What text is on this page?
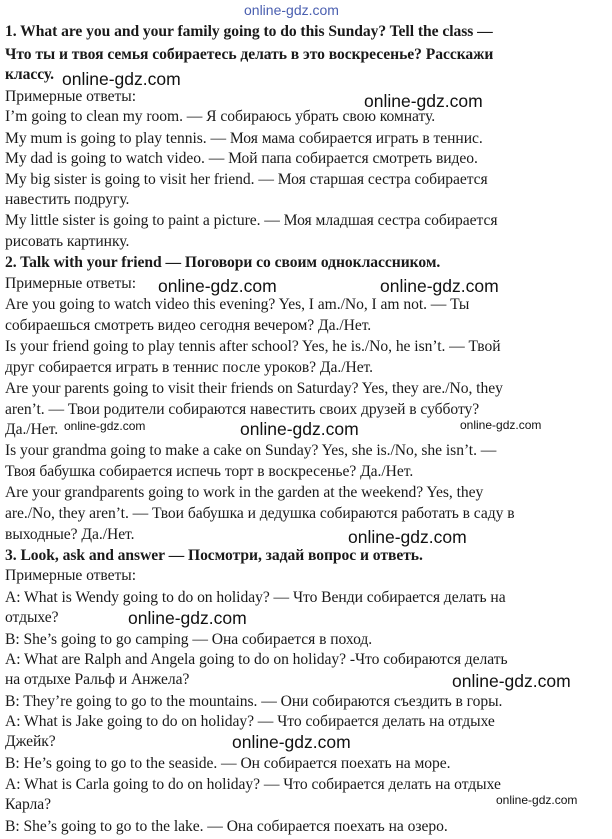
1. What are you and your family going to do this Sunday? Tell the class —
Что ты и твоя семья собираетесь делать в это воскресенье? Расскажи
классу.
Примерные ответы:
I’m going to clean my room. — Я собираюсь убрать свою комнату.
My mum is going to play tennis. — Моя мама собирается играть в теннис.
My dad is going to watch video. — Мой папа собирается смотреть видео.
My big sister is going to visit her friend. — Моя старшая сестра собирается
навестить подругу.
My little sister is going to paint a picture. — Моя младшая сестра собирается
рисовать картинку.
2. Talk with your friend — Поговори со своим одноклассником.
Примерные ответы:
Are you going to watch video this evening? Yes, I am./No, I am not. — Ты
собираешься смотреть видео сегодня вечером? Да./Нет.
Is your friend going to play tennis after school? Yes, he is./No, he isn’t. — Твой
друг собирается играть в теннис после уроков? Да./Нет.
Are your parents going to visit their friends on Saturday? Yes, they are./No, they
aren’t. — Твои родители собираются навестить своих друзей в субботу?
Да./Нет.
Is your grandma going to make a cake on Sunday? Yes, she is./No, she isn’t. —
Твоя бабушка собирается испечь торт в воскресенье? Да./Нет.
Are your grandparents going to work in the garden at the weekend? Yes, they
are./No, they aren’t. — Твои бабушка и дедушка собираются работать в саду в
выходные? Да./Нет.
3. Look, ask and answer — Посмотри, задай вопрос и ответь.
Примерные ответы:
A: What is Wendy going to do on holiday? — Что Венди собирается делать на
отдыхе?
B: She’s going to go camping — Она собирается в поход.
A: What are Ralph and Angela going to do on holiday? -Что собираются делать
на отдыхе Ральф и Анжела?
B: They’re going to go to the mountains. — Они собираются съездить в горы.
A: What is Jake going to do on holiday? — Что собирается делать на отдыхе
Джейк?
B: He’s going to go to the seaside. — Он собирается поехать на море.
A: What is Carla going to do on holiday? — Что собирается делать на отдыхе
Карла?
B: She’s going to go to the lake. — Она собирается поехать на озеро.
online-gdz.com
online-gdz.com
online-gdz.com
online-gdz.com	online-gdz.com
online-gdz.com	online-gdz.com	online-gdz.com
online-gdz.com
online-gdz.com
online-gdz.com
online-gdz.com
online-gdz.com
